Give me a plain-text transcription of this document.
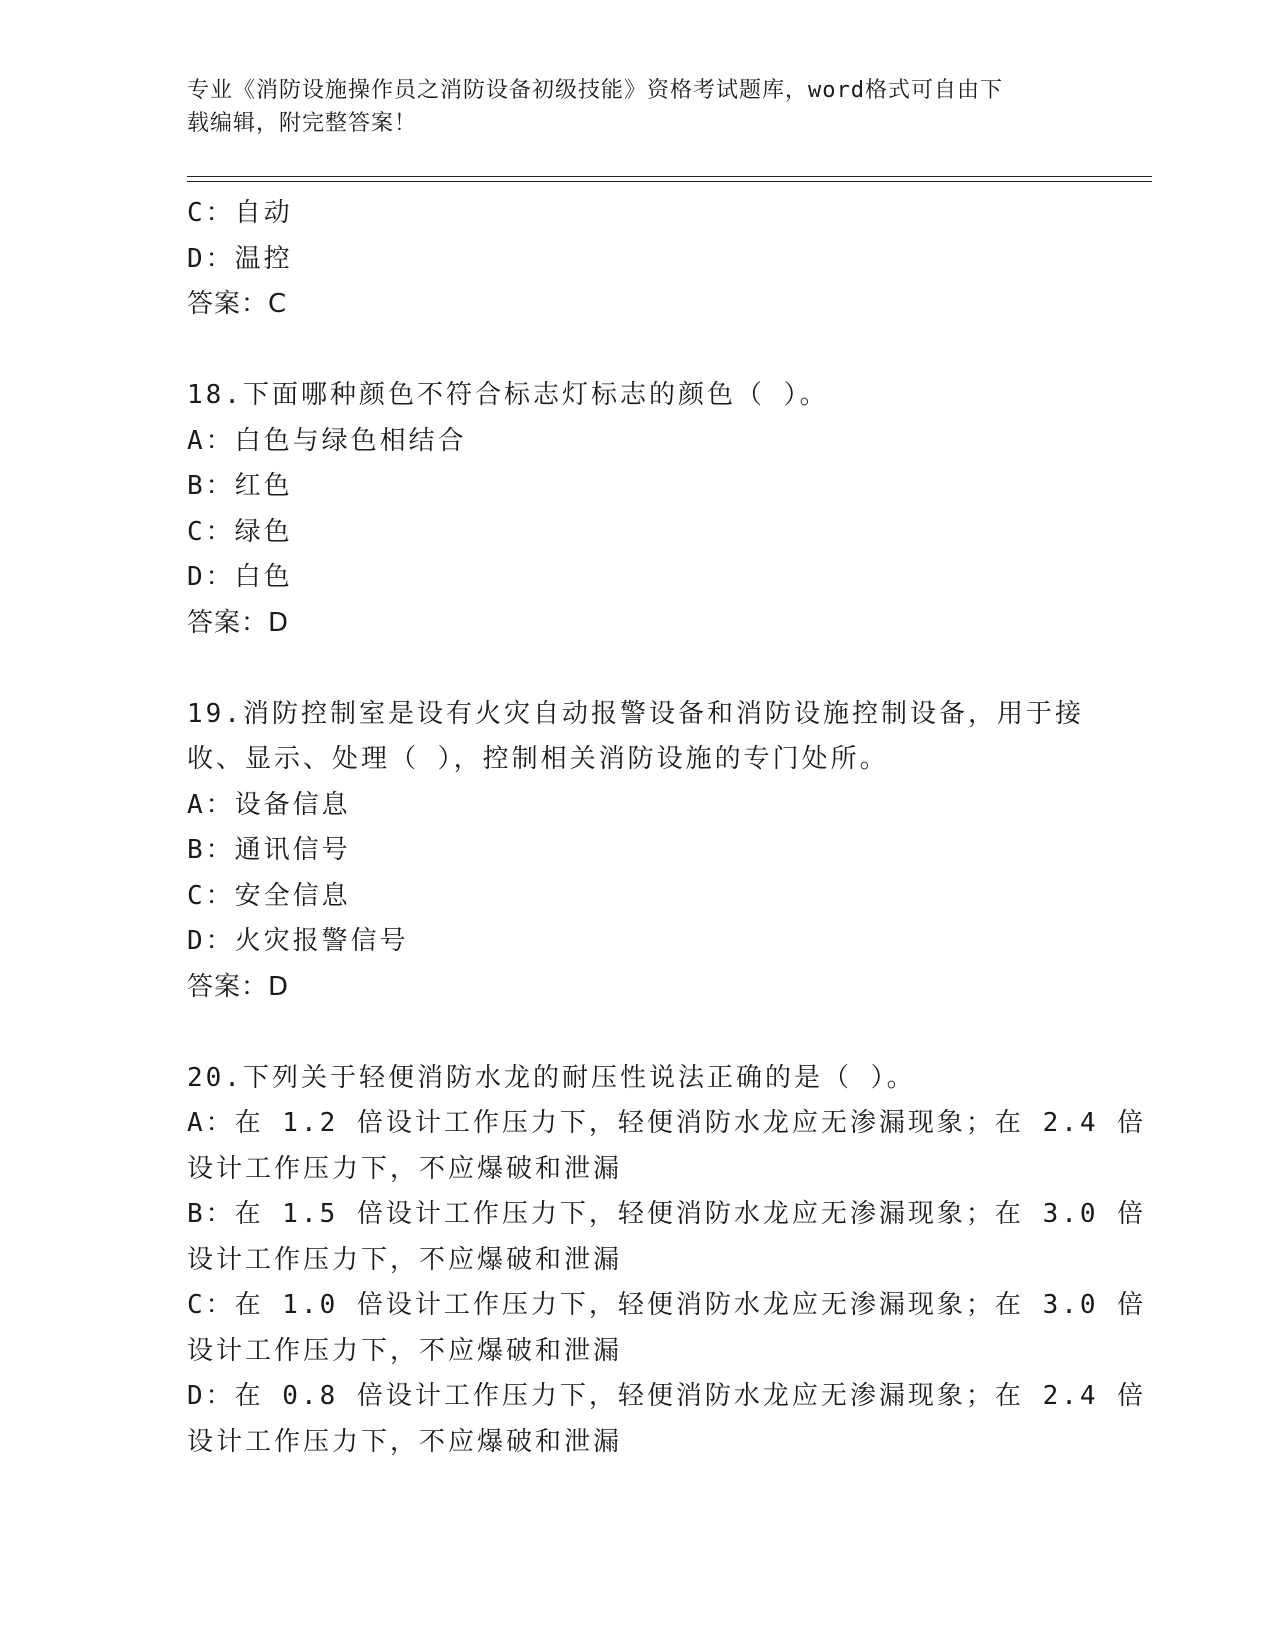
专业《消防设施操作员之消防设备初级技能》资格考试题库，word格式可自由下
载编辑，附完整答案！
C：自动
D：温控
答案：C
18.下面哪种颜色不符合标志灯标志的颜色（ ）。
A：白色与绿色相结合
B：红色
C：绿色
D：白色
答案：D
19.消防控制室是设有火灾自动报警设备和消防设施控制设备，用于接
收、显示、处理（ ），控制相关消防设施的专门处所。
A：设备信息
B：通讯信号
C：安全信息
D：火灾报警信号
答案：D
20.下列关于轻便消防水龙的耐压性说法正确的是（ ）。
A：在 1.2 倍设计工作压力下，轻便消防水龙应无渗漏现象；在 2.4 倍
设计工作压力下，不应爆破和泄漏
B：在 1.5 倍设计工作压力下，轻便消防水龙应无渗漏现象；在 3.0 倍
设计工作压力下，不应爆破和泄漏
C：在 1.0 倍设计工作压力下，轻便消防水龙应无渗漏现象；在 3.0 倍
设计工作压力下，不应爆破和泄漏
D：在 0.8 倍设计工作压力下，轻便消防水龙应无渗漏现象；在 2.4 倍
设计工作压力下，不应爆破和泄漏
